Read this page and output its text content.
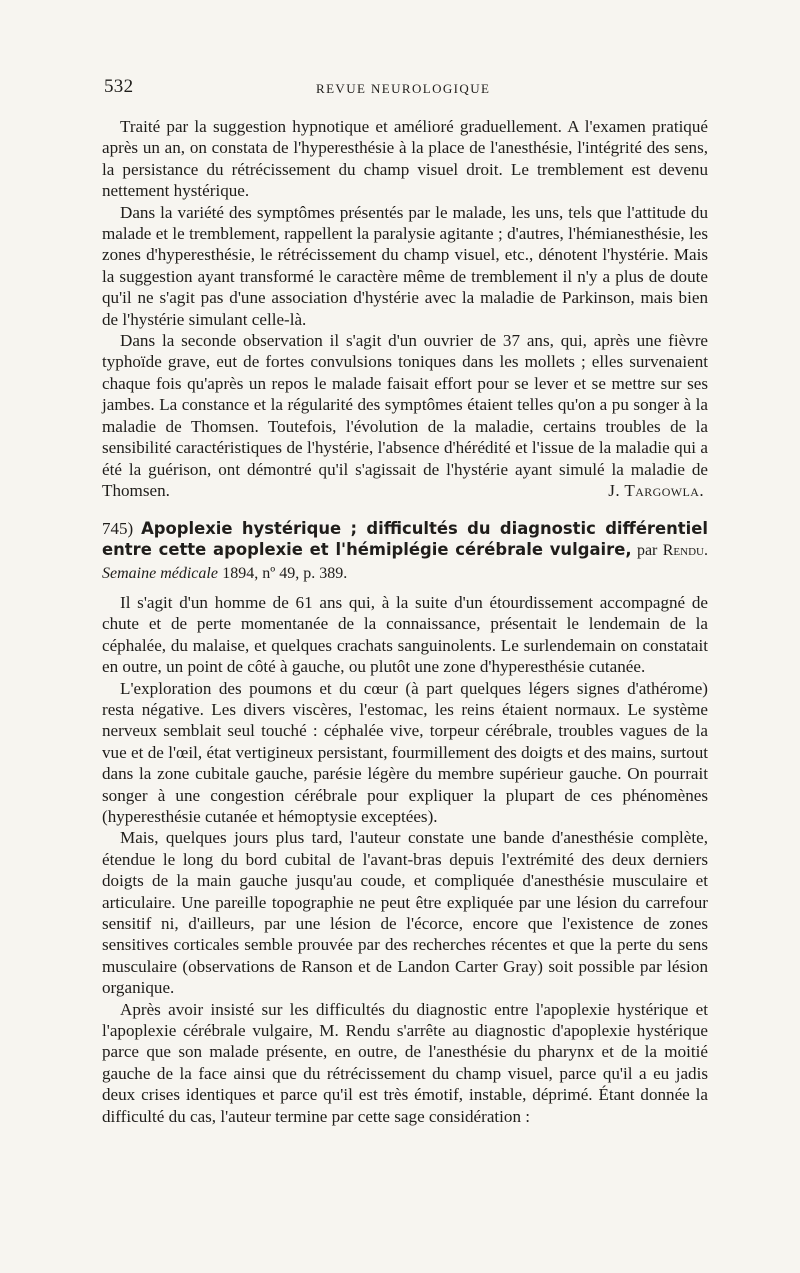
532	REVUE NEUROLOGIQUE

Traité par la suggestion hypnotique et amélioré graduellement. A l'examen pratiqué après un an, on constata de l'hyperesthésie à la place de l'anesthésie, l'intégrité des sens, la persistance du rétrécissement du champ visuel droit. Le tremblement est devenu nettement hystérique.

Dans la variété des symptômes présentés par le malade, les uns, tels que l'attitude du malade et le tremblement, rappellent la paralysie agitante ; d'autres, l'hémianesthésie, les zones d'hyperesthésie, le rétrécissement du champ visuel, etc., dénotent l'hystérie. Mais la suggestion ayant transformé le caractère même de tremblement il n'y a plus de doute qu'il ne s'agit pas d'une association d'hystérie avec la maladie de Parkinson, mais bien de l'hystérie simulant celle-là.

Dans la seconde observation il s'agit d'un ouvrier de 37 ans, qui, après une fièvre typhoïde grave, eut de fortes convulsions toniques dans les mollets ; elles survenaient chaque fois qu'après un repos le malade faisait effort pour se lever et se mettre sur ses jambes. La constance et la régularité des symptômes étaient telles qu'on a pu songer à la maladie de Thomsen. Toutefois, l'évolution de la maladie, certains troubles de la sensibilité caractéristiques de l'hystérie, l'absence d'hérédité et l'issue de la maladie qui a été la guérison, ont démontré qu'il s'agissait de l'hystérie ayant simulé la maladie de Thomsen.	J. Targowla.

745) Apoplexie hystérique ; difficultés du diagnostic différentiel entre cette apoplexie et l'hémiplégie cérébrale vulgaire, par Rendu. Semaine médicale 1894, nº 49, p. 389.

Il s'agit d'un homme de 61 ans qui, à la suite d'un étourdissement accompagné de chute et de perte momentanée de la connaissance, présentait le lendemain de la céphalée, du malaise, et quelques crachats sanguinolents. Le surlendemain on constatait en outre, un point de côté à gauche, ou plutôt une zone d'hyperesthésie cutanée.

L'exploration des poumons et du cœur (à part quelques légers signes d'athérome) resta négative. Les divers viscères, l'estomac, les reins étaient normaux. Le système nerveux semblait seul touché : céphalée vive, torpeur cérébrale, troubles vagues de la vue et de l'œil, état vertigineux persistant, fourmillement des doigts et des mains, surtout dans la zone cubitale gauche, parésie légère du membre supérieur gauche. On pourrait songer à une congestion cérébrale pour expliquer la plupart de ces phénomènes (hyperesthésie cutanée et hémoptysie exceptées).

Mais, quelques jours plus tard, l'auteur constate une bande d'anesthésie complète, étendue le long du bord cubital de l'avant-bras depuis l'extrémité des deux derniers doigts de la main gauche jusqu'au coude, et compliquée d'anesthésie musculaire et articulaire. Une pareille topographie ne peut être expliquée par une lésion du carrefour sensitif ni, d'ailleurs, par une lésion de l'écorce, encore que l'existence de zones sensitives corticales semble prouvée par des recherches récentes et que la perte du sens musculaire (observations de Ranson et de Landon Carter Gray) soit possible par lésion organique.

Après avoir insisté sur les difficultés du diagnostic entre l'apoplexie hystérique et l'apoplexie cérébrale vulgaire, M. Rendu s'arrête au diagnostic d'apoplexie hystérique parce que son malade présente, en outre, de l'anesthésie du pharynx et de la moitié gauche de la face ainsi que du rétrécissement du champ visuel, parce qu'il a eu jadis deux crises identiques et parce qu'il est très émotif, instable, déprimé. Étant donnée la difficulté du cas, l'auteur termine par cette sage considération :
